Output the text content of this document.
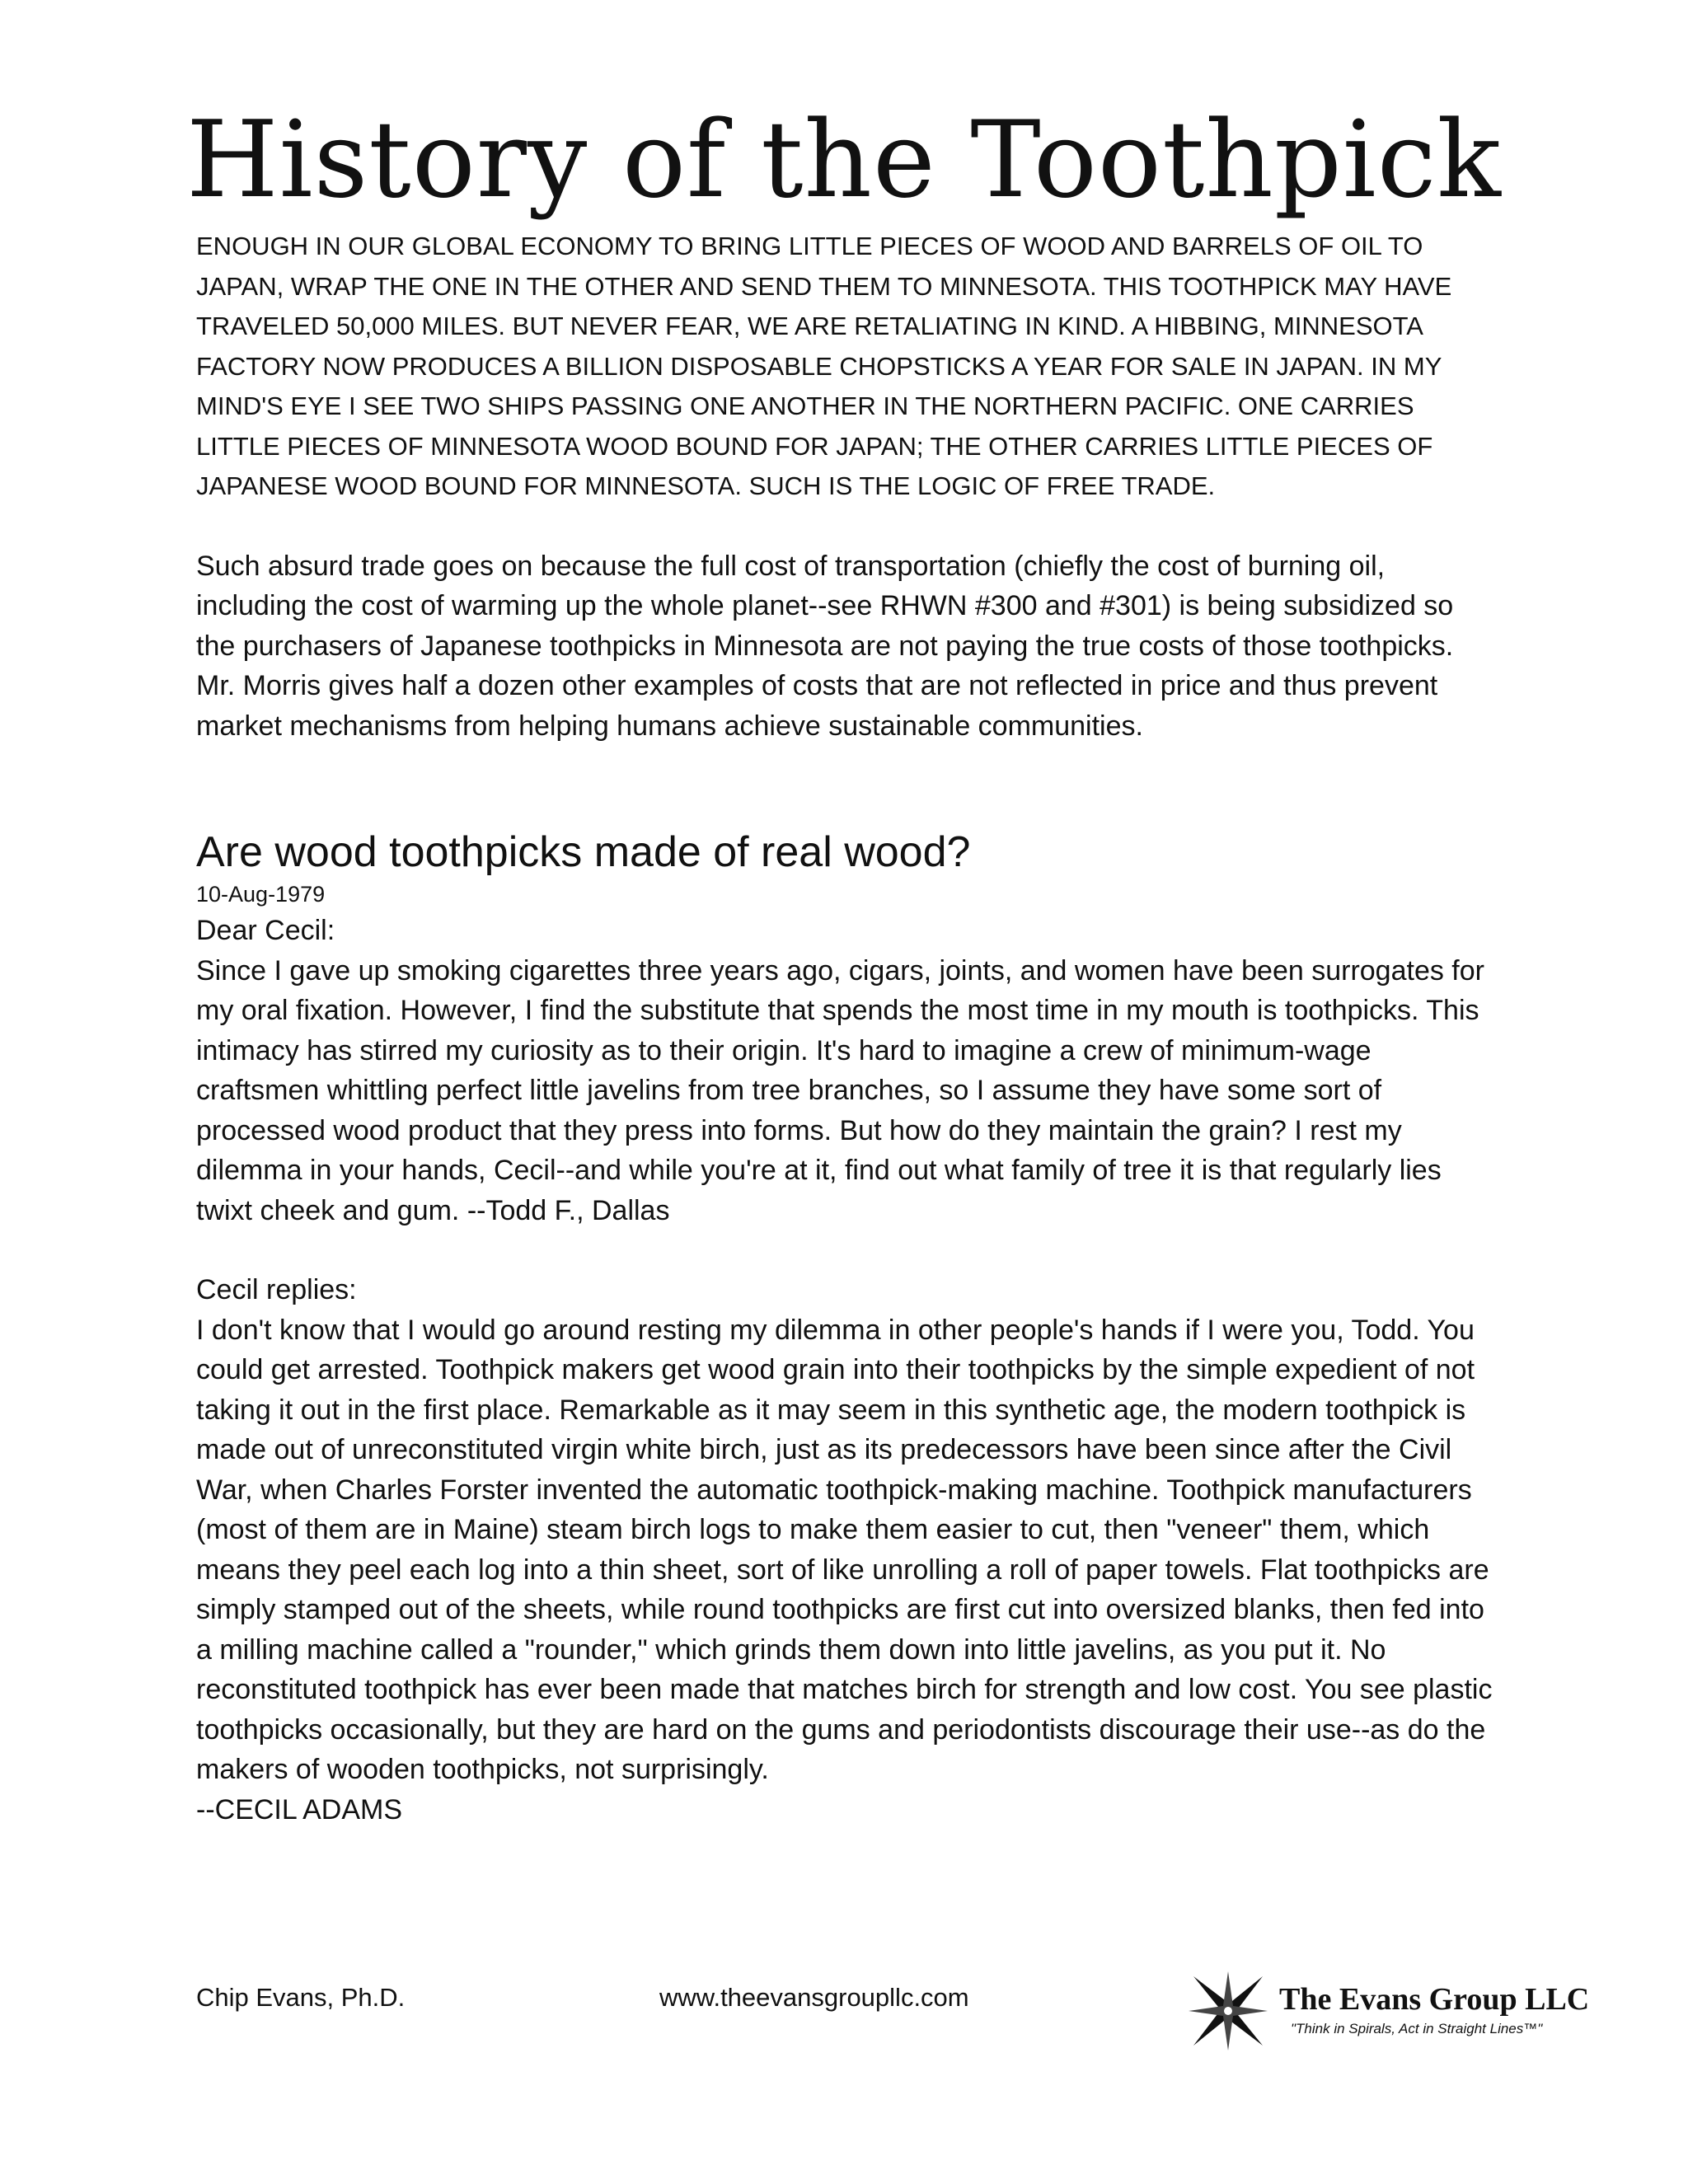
History of the Toothpick

ENOUGH IN OUR GLOBAL ECONOMY TO BRING LITTLE PIECES OF WOOD AND BARRELS OF OIL TO JAPAN, WRAP THE ONE IN THE OTHER AND SEND THEM TO MINNESOTA. THIS TOOTHPICK MAY HAVE TRAVELED 50,000 MILES. BUT NEVER FEAR, WE ARE RETALIATING IN KIND. A HIBBING, MINNESOTA FACTORY NOW PRODUCES A BILLION DISPOSABLE CHOPSTICKS A YEAR FOR SALE IN JAPAN. IN MY MIND'S EYE I SEE TWO SHIPS PASSING ONE ANOTHER IN THE NORTHERN PACIFIC. ONE CARRIES LITTLE PIECES OF MINNESOTA WOOD BOUND FOR JAPAN; THE OTHER CARRIES LITTLE PIECES OF JAPANESE WOOD BOUND FOR MINNESOTA. SUCH IS THE LOGIC OF FREE TRADE.

Such absurd trade goes on because the full cost of transportation (chiefly the cost of burning oil, including the cost of warming up the whole planet--see RHWN #300 and #301) is being subsidized so the purchasers of Japanese toothpicks in Minnesota are not paying the true costs of those toothpicks. Mr. Morris gives half a dozen other examples of costs that are not reflected in price and thus prevent market mechanisms from helping humans achieve sustainable communities.

Are wood toothpicks made of real wood?
10-Aug-1979
Dear Cecil:

Since I gave up smoking cigarettes three years ago, cigars, joints, and women have been surrogates for my oral fixation. However, I find the substitute that spends the most time in my mouth is toothpicks. This intimacy has stirred my curiosity as to their origin. It's hard to imagine a crew of minimum-wage craftsmen whittling perfect little javelins from tree branches, so I assume they have some sort of processed wood product that they press into forms. But how do they maintain the grain? I rest my dilemma in your hands, Cecil--and while you're at it, find out what family of tree it is that regularly lies twixt cheek and gum. --Todd F., Dallas

Cecil replies:

I don't know that I would go around resting my dilemma in other people's hands if I were you, Todd. You could get arrested. Toothpick makers get wood grain into their toothpicks by the simple expedient of not taking it out in the first place. Remarkable as it may seem in this synthetic age, the modern toothpick is made out of unreconstituted virgin white birch, just as its predecessors have been since after the Civil War, when Charles Forster invented the automatic toothpick-making machine. Toothpick manufacturers (most of them are in Maine) steam birch logs to make them easier to cut, then "veneer" them, which means they peel each log into a thin sheet, sort of like unrolling a roll of paper towels. Flat toothpicks are simply stamped out of the sheets, while round toothpicks are first cut into oversized blanks, then fed into a milling machine called a "rounder," which grinds them down into little javelins, as you put it. No reconstituted toothpick has ever been made that matches birch for strength and low cost. You see plastic toothpicks occasionally, but they are hard on the gums and periodontists discourage their use--as do the makers of wooden toothpicks, not surprisingly.

--CECIL ADAMS
Chip Evans, Ph.D.	www.theevansgroupllc.com	The Evans Group LLC
"Think in Spirals, Act in Straight Lines™"
